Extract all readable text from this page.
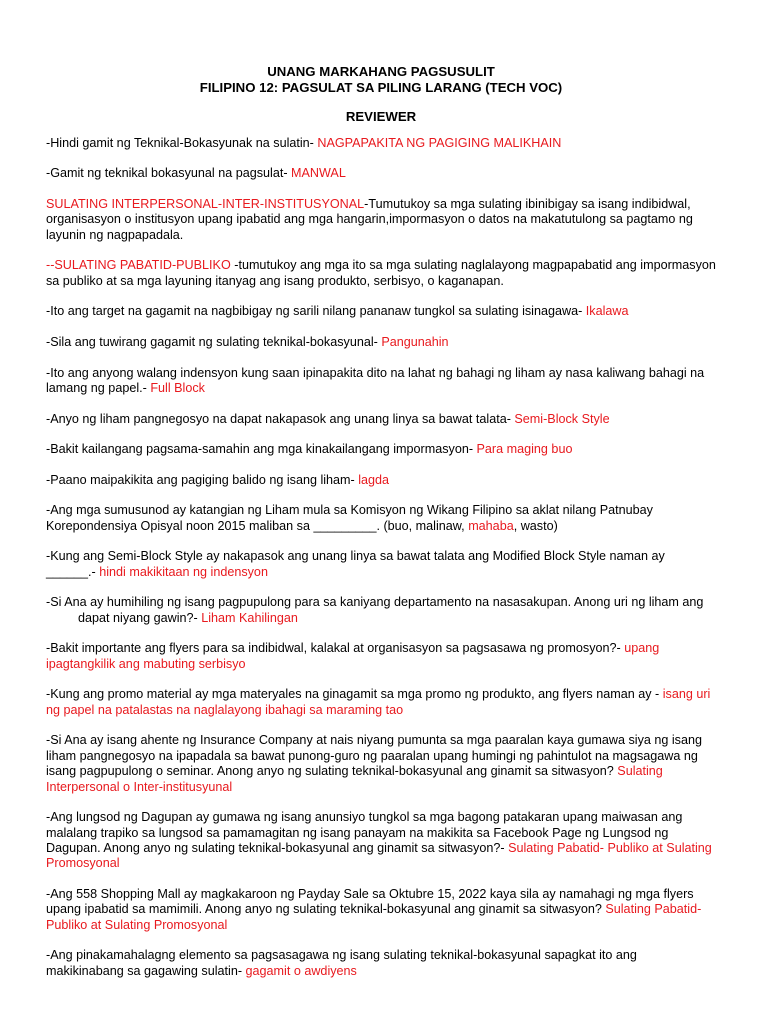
UNANG MARKAHANG PAGSUSULIT
FILIPINO 12: PAGSULAT SA PILING LARANG (TECH VOC)
REVIEWER

-Hindi gamit ng Teknikal-Bokasyunak na sulatin- NAGPAPAKITA NG PAGIGING MALIKHAIN

-Gamit ng teknikal bokasyunal na pagsulat- MANWAL

SULATING INTERPERSONAL-INTER-INSTITUSYONAL-Tumutukoy sa mga sulating ibinibigay sa isang indibidwal, organisasyon o institusyon upang ipabatid ang mga hangarin,impormasyon o datos na makatutulong sa pagtamo ng layunin ng nagpapadala.

--SULATING PABATID-PUBLIKO -tumutukoy ang mga ito sa mga sulating naglalayong magpapabatid ang impormasyon sa publiko at sa mga layuning itanyag ang isang produkto, serbisyo, o kaganapan.

-Ito ang target na gagamit na nagbibigay ng sarili nilang pananaw tungkol sa sulating isinagawa- Ikalawa

-Sila ang tuwirang gagamit ng sulating teknikal-bokasyunal- Pangunahin

-Ito ang anyong walang indensyon kung saan ipinapakita dito na lahat ng bahagi ng liham ay nasa kaliwang bahagi na lamang ng papel.- Full Block

-Anyo ng liham pangnegosyo na dapat nakapasok ang unang linya sa bawat talata- Semi-Block Style

-Bakit kailangang pagsama-samahin ang mga kinakailangang impormasyon- Para maging buo

-Paano maipakikita ang pagiging balido ng isang liham- lagda

-Ang mga sumusunod ay katangian ng Liham mula sa Komisyon ng Wikang Filipino sa aklat nilang Patnubay Korepondensiya Opisyal noon 2015 maliban sa _________. (buo, malinaw, mahaba, wasto)

-Kung ang Semi-Block Style ay nakapasok ang unang linya sa bawat talata ang Modified Block Style naman ay ______.- hindi makikitaan ng indensyon

-Si Ana ay humihiling ng isang pagpupulong para sa kaniyang departamento na nasasakupan. Anong uri ng liham ang
dapat niyang gawin?- Liham Kahilingan

-Bakit importante ang flyers para sa indibidwal, kalakal at organisasyon sa pagsasawa ng promosyon?- upang ipagtangkilik ang mabuting serbisyo

-Kung ang promo material ay mga materyales na ginagamit sa mga promo ng produkto, ang flyers naman ay - isang uri ng papel na patalastas na naglalayong ibahagi sa maraming tao

-Si Ana ay isang ahente ng Insurance Company at nais niyang pumunta sa mga paaralan kaya gumawa siya ng isang liham pangnegosyo na ipapadala sa bawat punong-guro ng paaralan upang humingi ng pahintulot na magsagawa ng isang pagpupulong o seminar. Anong anyo ng sulating teknikal-bokasyunal ang ginamit sa sitwasyon? Sulating Interpersonal o Inter-institusyunal

-Ang lungsod ng Dagupan ay gumawa ng isang anunsiyo tungkol sa mga bagong patakaran upang maiwasan ang malalang trapiko sa lungsod sa pamamagitan ng isang panayam na makikita sa Facebook Page ng Lungsod ng Dagupan. Anong anyo ng sulating teknikal-bokasyunal ang ginamit sa sitwasyon?- Sulating Pabatid- Publiko at Sulating Promosyonal

-Ang 558 Shopping Mall ay magkakaroon ng Payday Sale sa Oktubre 15, 2022 kaya sila ay namahagi ng mga flyers upang ipabatid sa mamimili. Anong anyo ng sulating teknikal-bokasyunal ang ginamit sa sitwasyon? Sulating Pabatid-Publiko at Sulating Promosyonal

-Ang pinakamahalagng elemento sa pagsasagawa ng isang sulating teknikal-bokasyunal sapagkat ito ang makikinabang sa gagawing sulatin- gagamit o awdiyens
